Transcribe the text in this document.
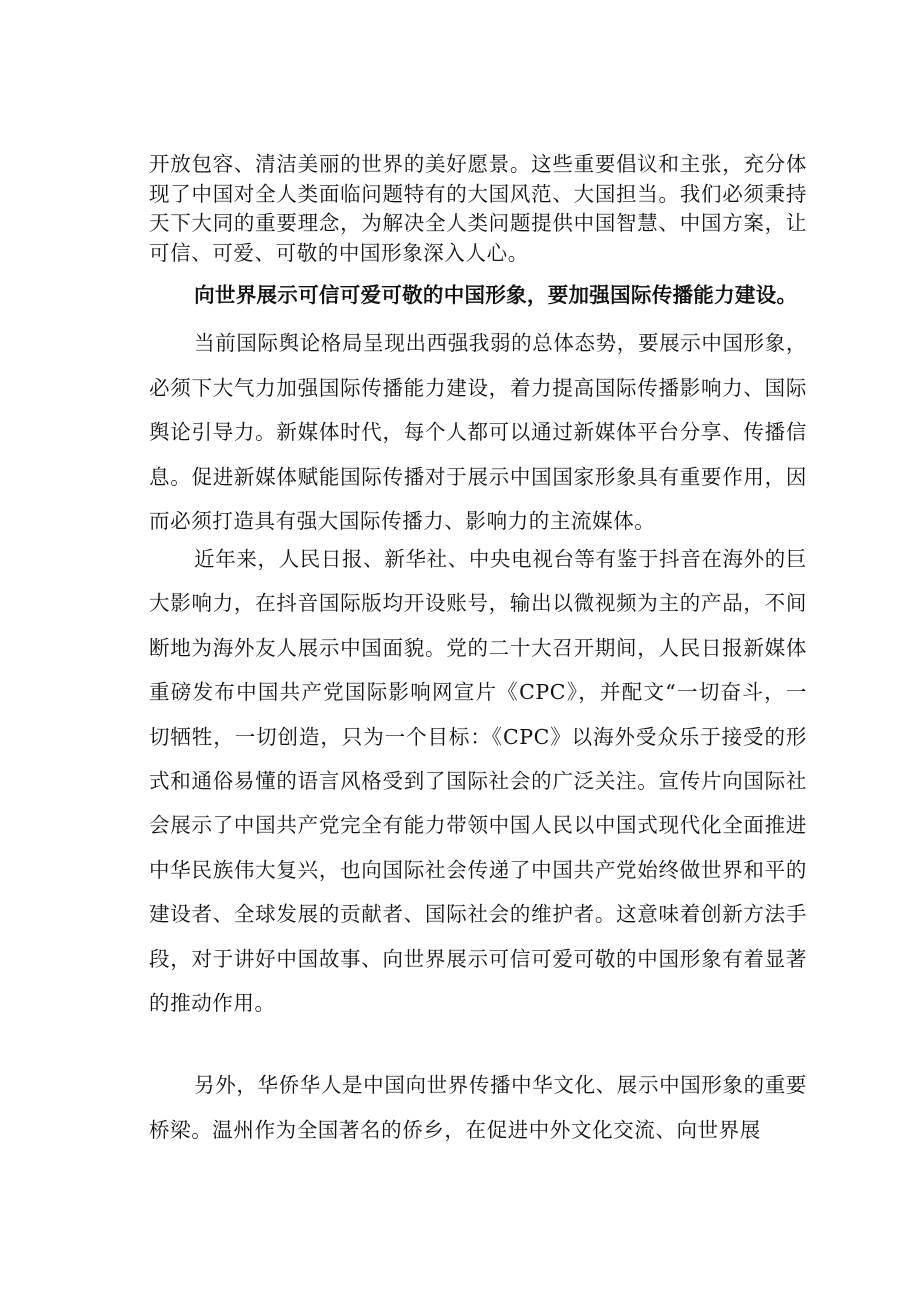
开放包容、清洁美丽的世界的美好愿景。这些重要倡议和主张，充分体现了中国对全人类面临问题特有的大国风范、大国担当。我们必须秉持天下大同的重要理念，为解决全人类问题提供中国智慧、中国方案，让可信、可爱、可敬的中国形象深入人心。

向世界展示可信可爱可敬的中国形象，要加强国际传播能力建设。

当前国际舆论格局呈现出西强我弱的总体态势，要展示中国形象，必须下大气力加强国际传播能力建设，着力提高国际传播影响力、国际舆论引导力。新媒体时代，每个人都可以通过新媒体平台分享、传播信息。促进新媒体赋能国际传播对于展示中国国家形象具有重要作用，因而必须打造具有强大国际传播力、影响力的主流媒体。

近年来，人民日报、新华社、中央电视台等有鉴于抖音在海外的巨大影响力，在抖音国际版均开设账号，输出以微视频为主的产品，不间断地为海外友人展示中国面貌。党的二十大召开期间，人民日报新媒体重磅发布中国共产党国际影响网宣片《CPC》，并配文“一切奋斗，一切牺牲，一切创造，只为一个目标：《CPC》以海外受众乐于接受的形式和通俗易懂的语言风格受到了国际社会的广泛关注。宣传片向国际社会展示了中国共产党完全有能力带领中国人民以中国式现代化全面推进中华民族伟大复兴，也向国际社会传递了中国共产党始终做世界和平的建设者、全球发展的贡献者、国际社会的维护者。这意味着创新方法手段，对于讲好中国故事、向世界展示可信可爱可敬的中国形象有着显著的推动作用。

另外，华侨华人是中国向世界传播中华文化、展示中国形象的重要桥梁。温州作为全国著名的侨乡，在促进中外文化交流、向世界展
